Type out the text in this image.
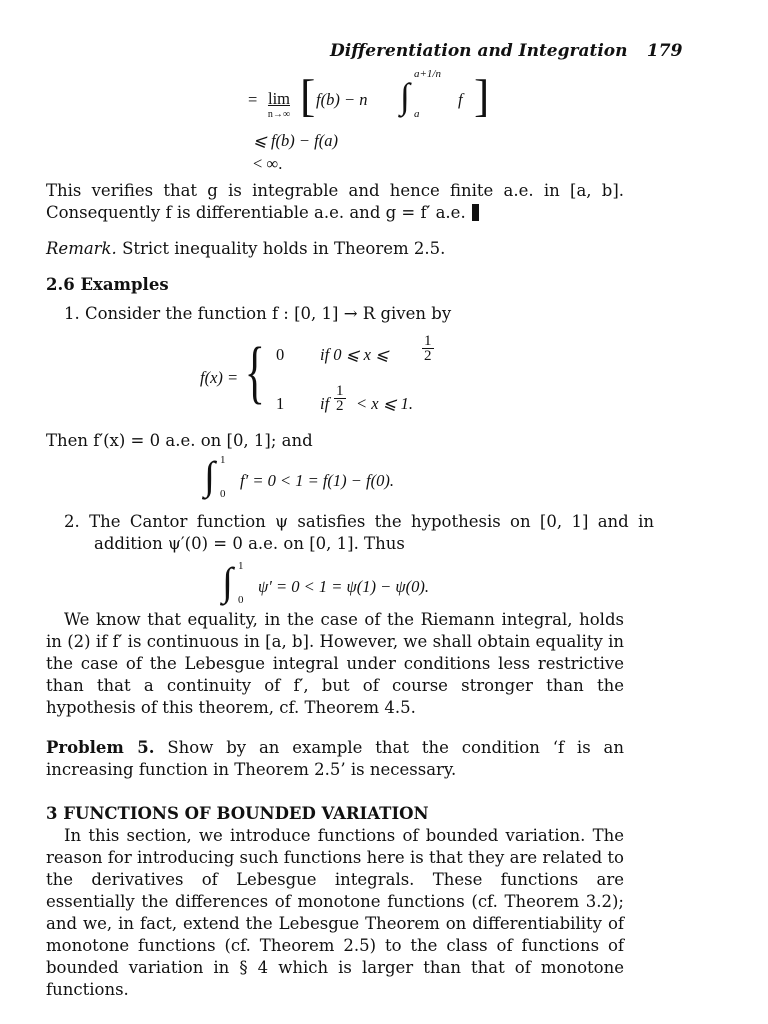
Differentiation and Integration 179
= lim
n→∞ [ f(b) − n ∫
a+1/n
a
f ]
⩽ f(b) − f(a)
< ∞.

This verifies that g is integrable and hence finite a.e. in [a, b]. Consequently f is differentiable a.e. and g = f′ a.e.

Remark. Strict inequality holds in Theorem 2.5.

2.6 Examples
1. Consider the function f : [0, 1] → R given by
f(x) = { 0 if 0 ⩽ x ⩽ $\frac{1}{2}$
1 if $\frac{1}{2} < x$ ⩽ 1.
Then f′(x) = 0 a.e. on [0, 1]; and
∫ 1
0
f′ = 0 < 1 = f(1) − f(0).

2. The Cantor function ψ satisfies the hypothesis on [0, 1] and in addition ψ′(0) = 0 a.e. on [0, 1]. Thus

∫ 1
0
ψ′ = 0 < 1 = ψ(1) − ψ(0).

We know that equality, in the case of the Riemann integral, holds in (2) if f′ is continuous in [a, b]. However, we shall obtain equality in the case of the Lebesgue integral under conditions less restrictive than that a continuity of f′, but of course stronger than the hypothesis of this theorem, cf. Theorem 4.5.

Problem 5. Show by an example that the condition ‘f is an increasing function in Theorem 2.5’ is necessary.

3 FUNCTIONS OF BOUNDED VARIATION

In this section, we introduce functions of bounded variation. The reason for introducing such functions here is that they are related to the derivatives of Lebesgue integrals. These functions are essentially the differences of monotone functions (cf. Theorem 3.2); and we, in fact, extend the Lebesgue Theorem on differentiability of monotone functions (cf. Theorem 2.5) to the class of functions of bounded variation in § 4 which is larger than that of monotone functions.
